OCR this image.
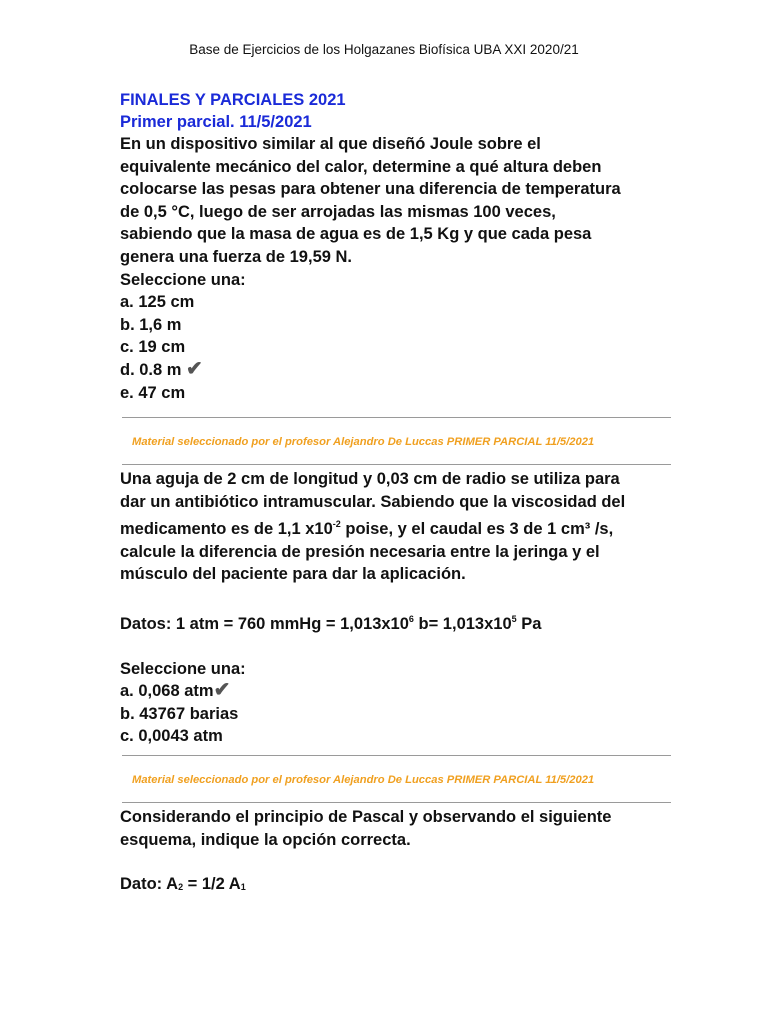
Base de Ejercicios de los Holgazanes Biofísica UBA XXI 2020/21
FINALES Y PARCIALES 2021
Primer parcial. 11/5/2021
En un dispositivo similar al que diseñó Joule sobre el
equivalente mecánico del calor, determine a qué altura deben
colocarse las pesas para obtener una diferencia de temperatura
de 0,5 °C, luego de ser arrojadas las mismas 100 veces,
sabiendo que la masa de agua es de 1,5 Kg y que cada pesa
genera una fuerza de 19,59 N.
Seleccione una:
a. 125 cm
b. 1,6 m
c. 19 cm
d. 0.8 m ✔
e. 47 cm
Material seleccionado por el profesor Alejandro De Luccas PRIMER PARCIAL 11/5/2021
Una aguja de 2 cm de longitud y 0,03 cm de radio se utiliza para
dar un antibiótico intramuscular. Sabiendo que la viscosidad del
medicamento es de 1,1 $x10^{-2}$ poise, y el caudal es 3 de 1 cm³ /s,
calcule la diferencia de presión necesaria entre la jeringa y el
músculo del paciente para dar la aplicación.
Datos: 1 atm = 760 mmHg = $1,013x10^6$ $b= 1,013x10^5$ Pa
Seleccione una:
a. 0,068 atm✔
b. 43767 barias
c. 0,0043 atm
Material seleccionado por el profesor Alejandro De Luccas PRIMER PARCIAL 11/5/2021
Considerando el principio de Pascal y observando el siguiente
esquema, indique la opción correcta.
Dato: $A_2 = 1/2$ $A_1$
